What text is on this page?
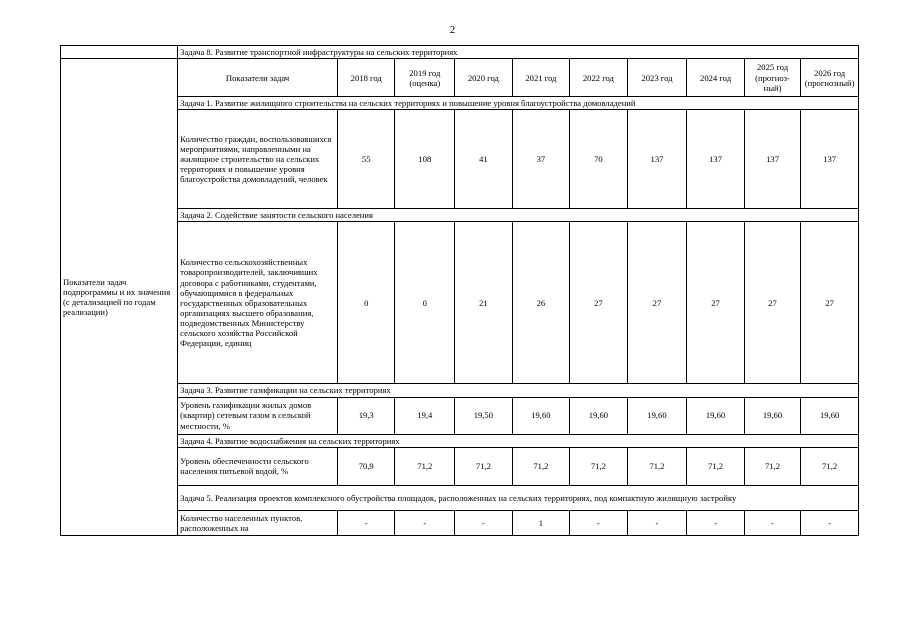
2
	Задача 8. Развитие транспортной инфраструктуры на сельских территориях									
Показатели задач подпрограммы и их значения (с детализацией по годам реализации)	Показатели задач	2018 год	2019 год (оценка)	2020 год	2021 год	2022 год	2023 год	2024 год	2025 год (прогноз-ный)	2026 год (прогнозный)
	Задача 1. Развитие жилищного строительства на сельских территориях и повышение уровня благоустройства домовладений									
	Количество граждан, воспользовавшихся мероприятиями, направленными на жилищное строительство на сельских территориях и повышение уровня благоустройства домовладений, человек	55	108	41	37	70	137	137	137	137
	Задача 2. Содействие занятости сельского населения									
	Количество сельскохозяйственных товаропроизводителей, заключивших договора с работниками, студентами, обучающимися в федеральных государственных образовательных организациях высшего образования, подведомственных Министерству сельского хозяйства Российской Федерации, единиц	0	0	21	26	27	27	27	27	27
	Задача 3. Развитие газификации на сельских территориях									
	Уровень газификации жилых домов (квартир) сетевым газом в сельской местности, %	19,3	19,4	19,50	19,60	19,60	19,60	19,60	19,60	19,60
	Задача 4. Развитие водоснабжения на сельских территориях									
	Уровень обеспеченности сельского населения питьевой водой, %	70,9	71,2	71,2	71,2	71,2	71,2	71,2	71,2	71,2
	Задача 5. Реализация проектов комплексного обустройства площадок, расположенных на сельских территориях, под компактную жилищную застройку									
	Количество населенных пунктов, расположенных на	-	-	-	1	-	-	-	-	-
